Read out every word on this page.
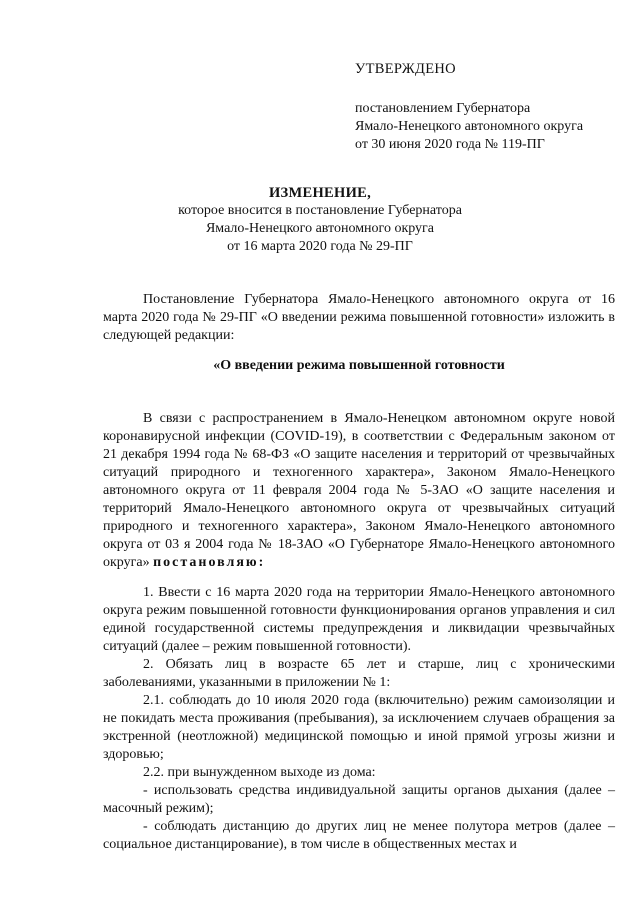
УТВЕРЖДЕНО

постановлением Губернатора

Ямало-Ненецкого автономного округа

от 30 июня 2020 года № 119-ПГ

ИЗМЕНЕНИЕ,

которое вносится в постановление Губернатора

Ямало-Ненецкого автономного округа

от 16 марта 2020 года № 29-ПГ

Постановление Губернатора Ямало-Ненецкого автономного округа от 16 марта 2020 года № 29-ПГ «О введении режима повышенной готовности» изложить в следующей редакции:

«О введении режима повышенной готовности

В связи с распространением в Ямало-Ненецком автономном округе новой коронавирусной инфекции (COVID-19), в соответствии с Федеральным законом от 21 декабря 1994 года № 68-ФЗ «О защите населения и территорий от чрезвычайных ситуаций природного и техногенного характера», Законом Ямало-Ненецкого автономного округа от 11 февраля 2004 года № 5-ЗАО «О защите населения и территорий Ямало-Ненецкого автономного округа от чрезвычайных ситуаций природного и техногенного характера», Законом Ямало-Ненецкого автономного округа от 03 я 2004 года № 18-ЗАО «О Губернаторе Ямало-Ненецкого автономного округа» постановляю:

1. Ввести с 16 марта 2020 года на территории Ямало-Ненецкого автономного округа режим повышенной готовности функционирования органов управления и сил единой государственной системы предупреждения и ликвидации чрезвычайных ситуаций (далее – режим повышенной готовности).

2. Обязать лиц в возрасте 65 лет и старше, лиц с хроническими заболеваниями, указанными в приложении № 1:

2.1. соблюдать до 10 июля 2020 года (включительно) режим самоизоляции и не покидать места проживания (пребывания), за исключением случаев обращения за экстренной (неотложной) медицинской помощью и иной прямой угрозы жизни и здоровью;

2.2. при вынужденном выходе из дома:

- использовать средства индивидуальной защиты органов дыхания (далее – масочный режим);

- соблюдать дистанцию до других лиц не менее полутора метров (далее – социальное дистанцирование), в том числе в общественных местах и
